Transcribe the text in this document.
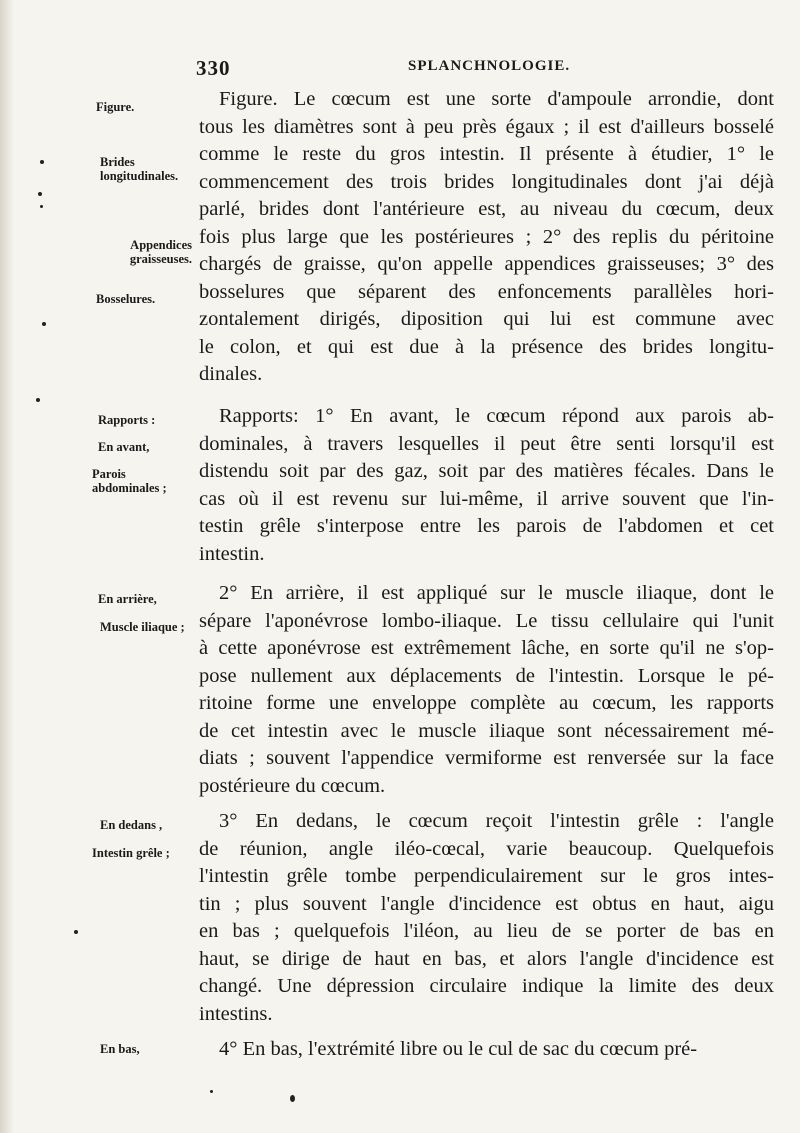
330	SPLANCHNOLOGIE.
Figure.
Brides longitudinales.
Appendices graisseuses.
Bosselures.
Rapports :
En avant,
Parois abdominales ;
En arrière,
Muscle iliaque ;
En dedans ,
Intestin grêle ;
En bas,
Figure. Le cœcum est une sorte d'ampoule arrondie, dont
tous les diamètres sont à peu près égaux ; il est d'ailleurs bosselé
comme le reste du gros intestin. Il présente à étudier, 1° le
commencement des trois brides longitudinales dont j'ai déjà
parlé, brides dont l'antérieure est, au niveau du cœcum, deux
fois plus large que les postérieures ; 2° des replis du péritoine
chargés de graisse, qu'on appelle appendices graisseuses; 3° des
bosselures que séparent des enfoncements parallèles hori-
zontalement dirigés, diposition qui lui est commune avec
le colon, et qui est due à la présence des brides longitu-
dinales.
Rapports: 1° En avant, le cœcum répond aux parois ab-
dominales, à travers lesquelles il peut être senti lorsqu'il est
distendu soit par des gaz, soit par des matières fécales. Dans le
cas où il est revenu sur lui-même, il arrive souvent que l'in-
testin grêle s'interpose entre les parois de l'abdomen et cet
intestin.
2° En arrière, il est appliqué sur le muscle iliaque, dont le
sépare l'aponévrose lombo-iliaque. Le tissu cellulaire qui l'unit
à cette aponévrose est extrêmement lâche, en sorte qu'il ne s'op-
pose nullement aux déplacements de l'intestin. Lorsque le pé-
ritoine forme une enveloppe complète au cœcum, les rapports
de cet intestin avec le muscle iliaque sont nécessairement mé-
diats ; souvent l'appendice vermiforme est renversée sur la face
postérieure du cœcum.
3° En dedans, le cœcum reçoit l'intestin grêle : l'angle
de réunion, angle iléo-cœcal, varie beaucoup. Quelquefois
l'intestin grêle tombe perpendiculairement sur le gros intes-
tin ; plus souvent l'angle d'incidence est obtus en haut, aigu
en bas ; quelquefois l'iléon, au lieu de se porter de bas en
haut, se dirige de haut en bas, et alors l'angle d'incidence est
changé. Une dépression circulaire indique la limite des deux
intestins.
4° En bas, l'extrémité libre ou le cul de sac du cœcum pré-
